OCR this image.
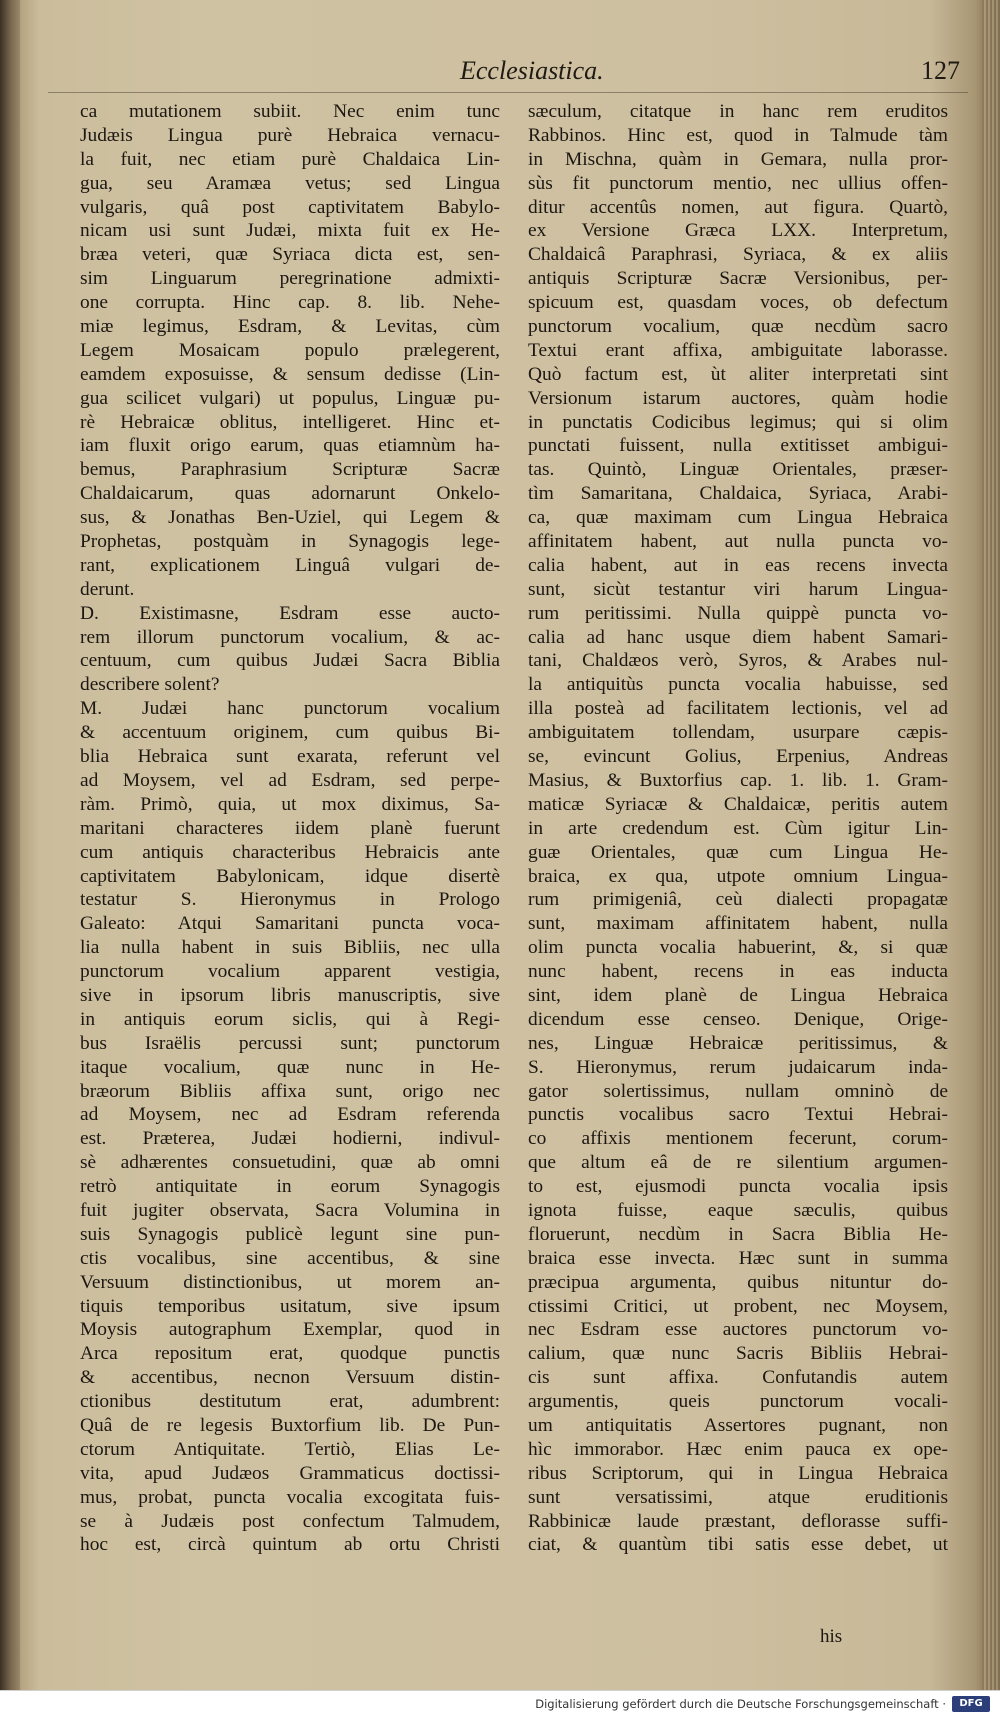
Ecclesiastica.	127
ca mutationem subiit. Nec enim tunc
Judæis Lingua purè Hebraica vernacu-
la fuit, nec etiam purè Chaldaica Lin-
gua, seu Aramæa vetus; sed Lingua
vulgaris, quâ post captivitatem Babylo-
nicam usi sunt Judæi, mixta fuit ex He-
bræa veteri, quæ Syriaca dicta est, sen-
sim Linguarum peregrinatione admixti-
one corrupta. Hinc cap. 8. lib. Nehe-
miæ legimus, Esdram, & Levitas, cùm
Legem Mosaicam populo prælegerent,
eamdem exposuisse, & sensum dedisse (Lin-
gua scilicet vulgari) ut populus, Linguæ pu-
rè Hebraicæ oblitus, intelligeret. Hinc et-
iam fluxit origo earum, quas etiamnùm ha-
bemus, Paraphrasium Scripturæ Sacræ
Chaldaicarum, quas adornarunt Onkelo-
sus, & Jonathas Ben-Uziel, qui Legem &
Prophetas, postquàm in Synagogis lege-
rant, explicationem Linguâ vulgari de-
derunt.
D. Existimasne, Esdram esse aucto-
rem illorum punctorum vocalium, & ac-
centuum, cum quibus Judæi Sacra Biblia
describere solent?
M. Judæi hanc punctorum vocalium
& accentuum originem, cum quibus Bi-
blia Hebraica sunt exarata, referunt vel
ad Moysem, vel ad Esdram, sed perpe-
ràm. Primò, quia, ut mox diximus, Sa-
maritani characteres iidem planè fuerunt
cum antiquis characteribus Hebraicis ante
captivitatem Babylonicam, idque disertè
testatur S. Hieronymus in Prologo
Galeato: Atqui Samaritani puncta voca-
lia nulla habent in suis Bibliis, nec ulla
punctorum vocalium apparent vestigia,
sive in ipsorum libris manuscriptis, sive
in antiquis eorum siclis, qui à Regi-
bus Israëlis percussi sunt; punctorum
itaque vocalium, quæ nunc in He-
bræorum Bibliis affixa sunt, origo nec
ad Moysem, nec ad Esdram referenda
est. Præterea, Judæi hodierni, indivul-
sè adhærentes consuetudini, quæ ab omni
retrò antiquitate in eorum Synagogis
fuit jugiter observata, Sacra Volumina in
suis Synagogis publicè legunt sine pun-
ctis vocalibus, sine accentibus, & sine
Versuum distinctionibus, ut morem an-
tiquis temporibus usitatum, sive ipsum
Moysis autographum Exemplar, quod in
Arca repositum erat, quodque punctis
& accentibus, necnon Versuum distin-
ctionibus destitutum erat, adumbrent:
Quâ de re legesis Buxtorfium lib. De Pun-
ctorum Antiquitate. Tertiò, Elias Le-
vita, apud Judæos Grammaticus doctissi-
mus, probat, puncta vocalia excogitata fuis-
se à Judæis post confectum Talmudem,
hoc est, circà quintum ab ortu Christi
sæculum, citatque in hanc rem eruditos
Rabbinos. Hinc est, quod in Talmude tàm
in Mischna, quàm in Gemara, nulla pror-
sùs fit punctorum mentio, nec ullius offen-
ditur accentûs nomen, aut figura. Quartò,
ex Versione Græca LXX. Interpretum,
Chaldaicâ Paraphrasi, Syriaca, & ex aliis
antiquis Scripturæ Sacræ Versionibus, per-
spicuum est, quasdam voces, ob defectum
punctorum vocalium, quæ necdùm sacro
Textui erant affixa, ambiguitate laborasse.
Quò factum est, ùt aliter interpretati sint
Versionum istarum auctores, quàm hodie
in punctatis Codicibus legimus; qui si olim
punctati fuissent, nulla extitisset ambigui-
tas. Quintò, Linguæ Orientales, præser-
tìm Samaritana, Chaldaica, Syriaca, Arabi-
ca, quæ maximam cum Lingua Hebraica
affinitatem habent, aut nulla puncta vo-
calia habent, aut in eas recens invecta
sunt, sicùt testantur viri harum Lingua-
rum peritissimi. Nulla quippè puncta vo-
calia ad hanc usque diem habent Samari-
tani, Chaldæos verò, Syros, & Arabes nul-
la antiquitùs puncta vocalia habuisse, sed
illa posteà ad facilitatem lectionis, vel ad
ambiguitatem tollendam, usurpare cæpis-
se, evincunt Golius, Erpenius, Andreas
Masius, & Buxtorfius cap. 1. lib. 1. Gram-
maticæ Syriacæ & Chaldaicæ, peritis autem
in arte credendum est. Cùm igitur Lin-
guæ Orientales, quæ cum Lingua He-
braica, ex qua, utpote omnium Lingua-
rum primigeniâ, ceù dialecti propagatæ
sunt, maximam affinitatem habent, nulla
olim puncta vocalia habuerint, &, si quæ
nunc habent, recens in eas inducta
sint, idem planè de Lingua Hebraica
dicendum esse censeo. Denique, Orige-
nes, Linguæ Hebraicæ peritissimus, &
S. Hieronymus, rerum judaicarum inda-
gator solertissimus, nullam omninò de
punctis vocalibus sacro Textui Hebrai-
co affixis mentionem fecerunt, corum-
que altum eâ de re silentium argumen-
to est, ejusmodi puncta vocalia ipsis
ignota fuisse, eaque sæculis, quibus
floruerunt, necdùm in Sacra Biblia He-
braica esse invecta. Hæc sunt in summa
præcipua argumenta, quibus nituntur do-
ctissimi Critici, ut probent, nec Moysem,
nec Esdram esse auctores punctorum vo-
calium, quæ nunc Sacris Bibliis Hebrai-
cis sunt affixa. Confutandis autem
argumentis, queis punctorum vocali-
um antiquitatis Assertores pugnant, non
hìc immorabor. Hæc enim pauca ex ope-
ribus Scriptorum, qui in Lingua Hebraica
sunt versatissimi, atque eruditionis
Rabbinicæ laude præstant, deflorasse suffi-
ciat, & quantùm tibi satis esse debet, ut
his
Digitalisierung gefördert durch die Deutsche Forschungsgemeinschaft ·	DFG
